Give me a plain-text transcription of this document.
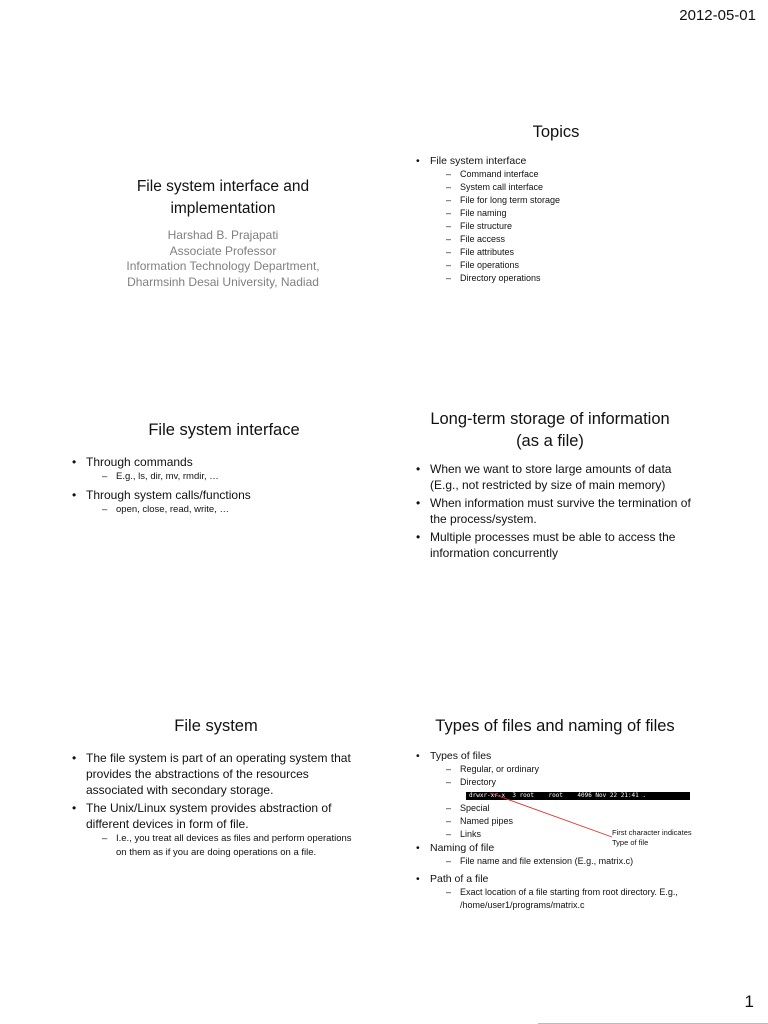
2012-05-01
File system interface and implementation
Harshad B. Prajapati
Associate Professor
Information Technology Department,
Dharmsinh Desai University, Nadiad
Topics
• File system interface
– Command interface
– System call interface
– File for long term storage
– File naming
– File structure
– File access
– File attributes
– File operations
– Directory operations
File system interface
• Through commands
– E.g., ls, dir, mv, rmdir, …
• Through system calls/functions
– open, close, read, write, …
Long-term storage of information
(as a file)
• When we want to store large amounts of data (E.g., not restricted by size of main memory)
• When information must survive the termination of the process/system.
• Multiple processes must be able to access the information concurrently
File system
• The file system is part of an operating system that provides the abstractions of the resources associated with secondary storage.
• The Unix/Linux system provides abstraction of different devices in form of file.
– I.e., you treat all devices as files and perform operations on them as if you are doing operations on a file.
Types of files and naming of files
• Types of files
– Regular, or ordinary
– Directorydrwxr-xr-x  3 root    root    4096 Nov 22 21:41 .
– Special
– Named pipes
– Links
• Naming of file
– File name and file extension (E.g., matrix.c)
• Path of a file
– Exact location of a file starting from root directory. E.g., /home/user1/programs/matrix.c
First character indicates
Type of file
1
